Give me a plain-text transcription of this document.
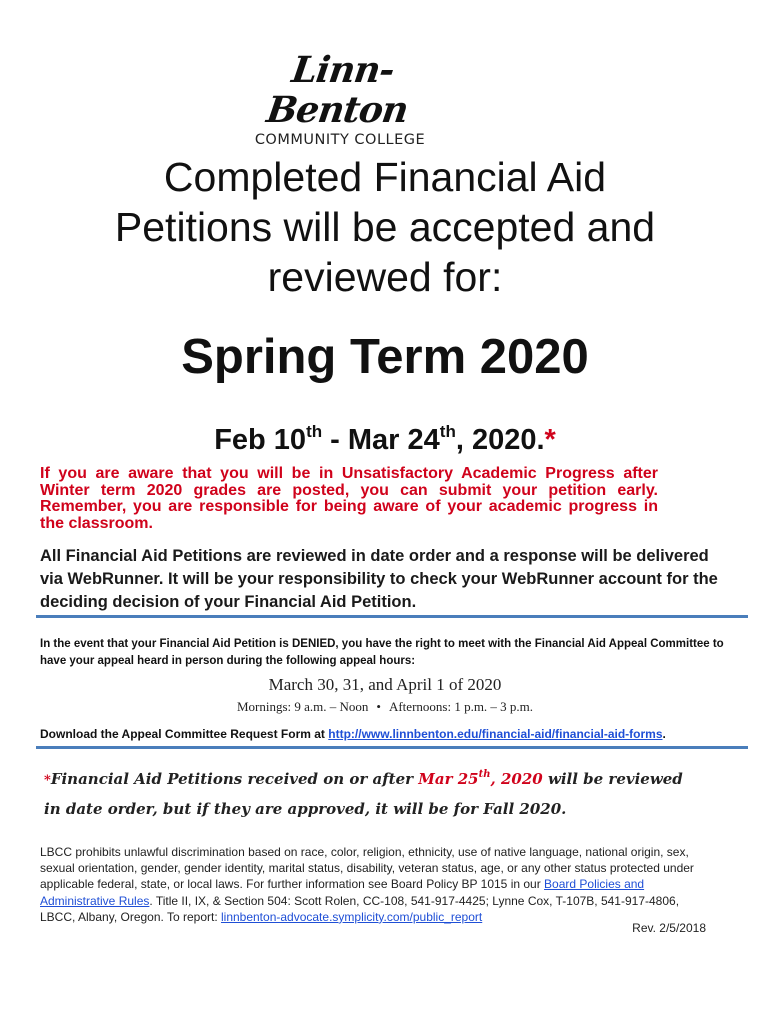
Linn-Benton
COMMUNITY COLLEGE
Completed Financial Aid
Petitions will be accepted and
reviewed for:
Spring Term 2020
Feb 10th - Mar 24th, 2020.*
If you are aware that you will be in Unsatisfactory Academic Progress after Winter term 2020 grades are posted, you can submit your petition early. Remember, you are responsible for being aware of your academic progress in the classroom.
All Financial Aid Petitions are reviewed in date order and a response will be delivered via WebRunner. It will be your responsibility to check your WebRunner account for the deciding decision of your Financial Aid Petition.
In the event that your Financial Aid Petition is DENIED, you have the right to meet with the Financial Aid Appeal Committee to have your appeal heard in person during the following appeal hours:
March 30, 31, and April 1 of 2020
Mornings: 9 a.m. – Noon • Afternoons: 1 p.m. – 3 p.m.
Download the Appeal Committee Request Form at http://www.linnbenton.edu/financial-aid/financial-aid-forms.
*Financial Aid Petitions received on or after Mar 25th, 2020 will be reviewed
in date order, but if they are approved, it will be for Fall 2020.
LBCC prohibits unlawful discrimination based on race, color, religion, ethnicity, use of native language, national origin, sex, sexual orientation, gender, gender identity, marital status, disability, veteran status, age, or any other status protected under applicable federal, state, or local laws. For further information see Board Policy BP 1015 in our Board Policies and Administrative Rules. Title II, IX, & Section 504: Scott Rolen, CC-108, 541-917-4425; Lynne Cox, T-107B, 541-917-4806, LBCC, Albany, Oregon. To report: linnbenton-advocate.symplicity.com/public_report
Rev. 2/5/2018
